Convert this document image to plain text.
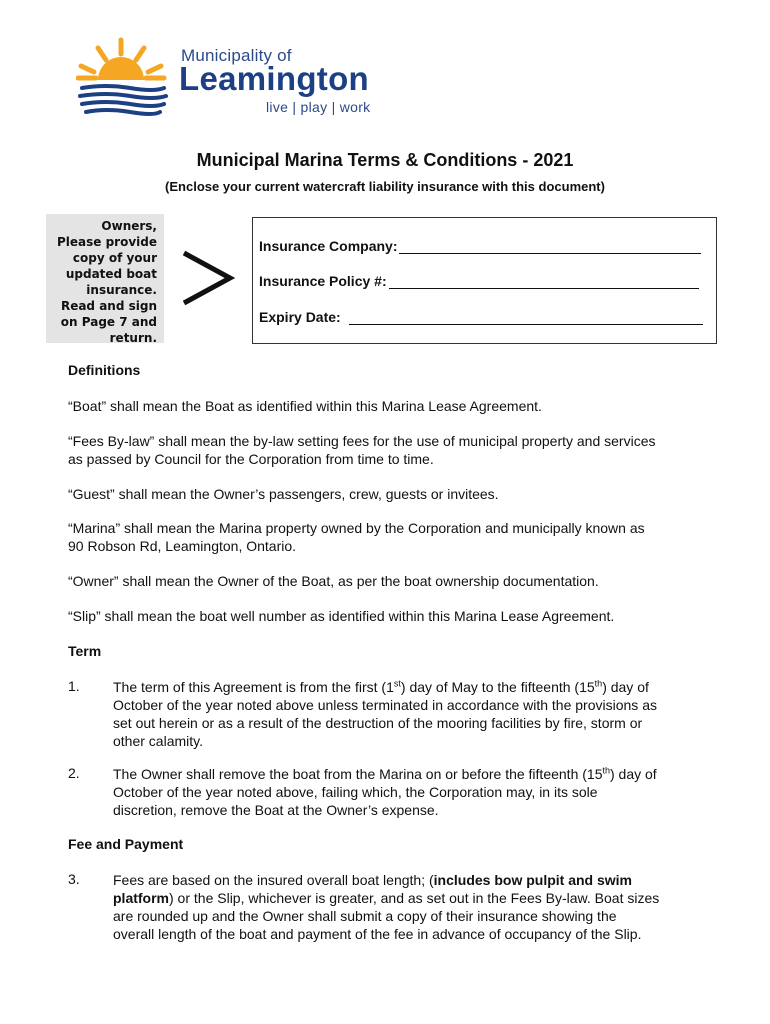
Municipality of
Leamington
live | play | work
Municipal Marina Terms & Conditions - 2021
(Enclose your current watercraft liability insurance with this document)
Owners,
Please provide
copy of your
updated boat
insurance.
Read and sign
on Page 7 and
return.
Insurance Company:
Insurance Policy #:
Expiry Date:
Definitions
“Boat” shall mean the Boat as identified within this Marina Lease Agreement.
“Fees By-law” shall mean the by-law setting fees for the use of municipal property and services
as passed by Council for the Corporation from time to time.
“Guest” shall mean the Owner’s passengers, crew, guests or invitees.
“Marina” shall mean the Marina property owned by the Corporation and municipally known as
90 Robson Rd, Leamington, Ontario.
“Owner” shall mean the Owner of the Boat, as per the boat ownership documentation.
“Slip” shall mean the boat well number as identified within this Marina Lease Agreement.
Term
1. The term of this Agreement is from the first (1st) day of May to the fifteenth (15th) day of
October of the year noted above unless terminated in accordance with the provisions as
set out herein or as a result of the destruction of the mooring facilities by fire, storm or
other calamity.
2. The Owner shall remove the boat from the Marina on or before the fifteenth (15th) day of
October of the year noted above, failing which, the Corporation may, in its sole
discretion, remove the Boat at the Owner’s expense.
Fee and Payment
3. Fees are based on the insured overall boat length; (includes bow pulpit and swim
platform) or the Slip, whichever is greater, and as set out in the Fees By-law. Boat sizes
are rounded up and the Owner shall submit a copy of their insurance showing the
overall length of the boat and payment of the fee in advance of occupancy of the Slip.
